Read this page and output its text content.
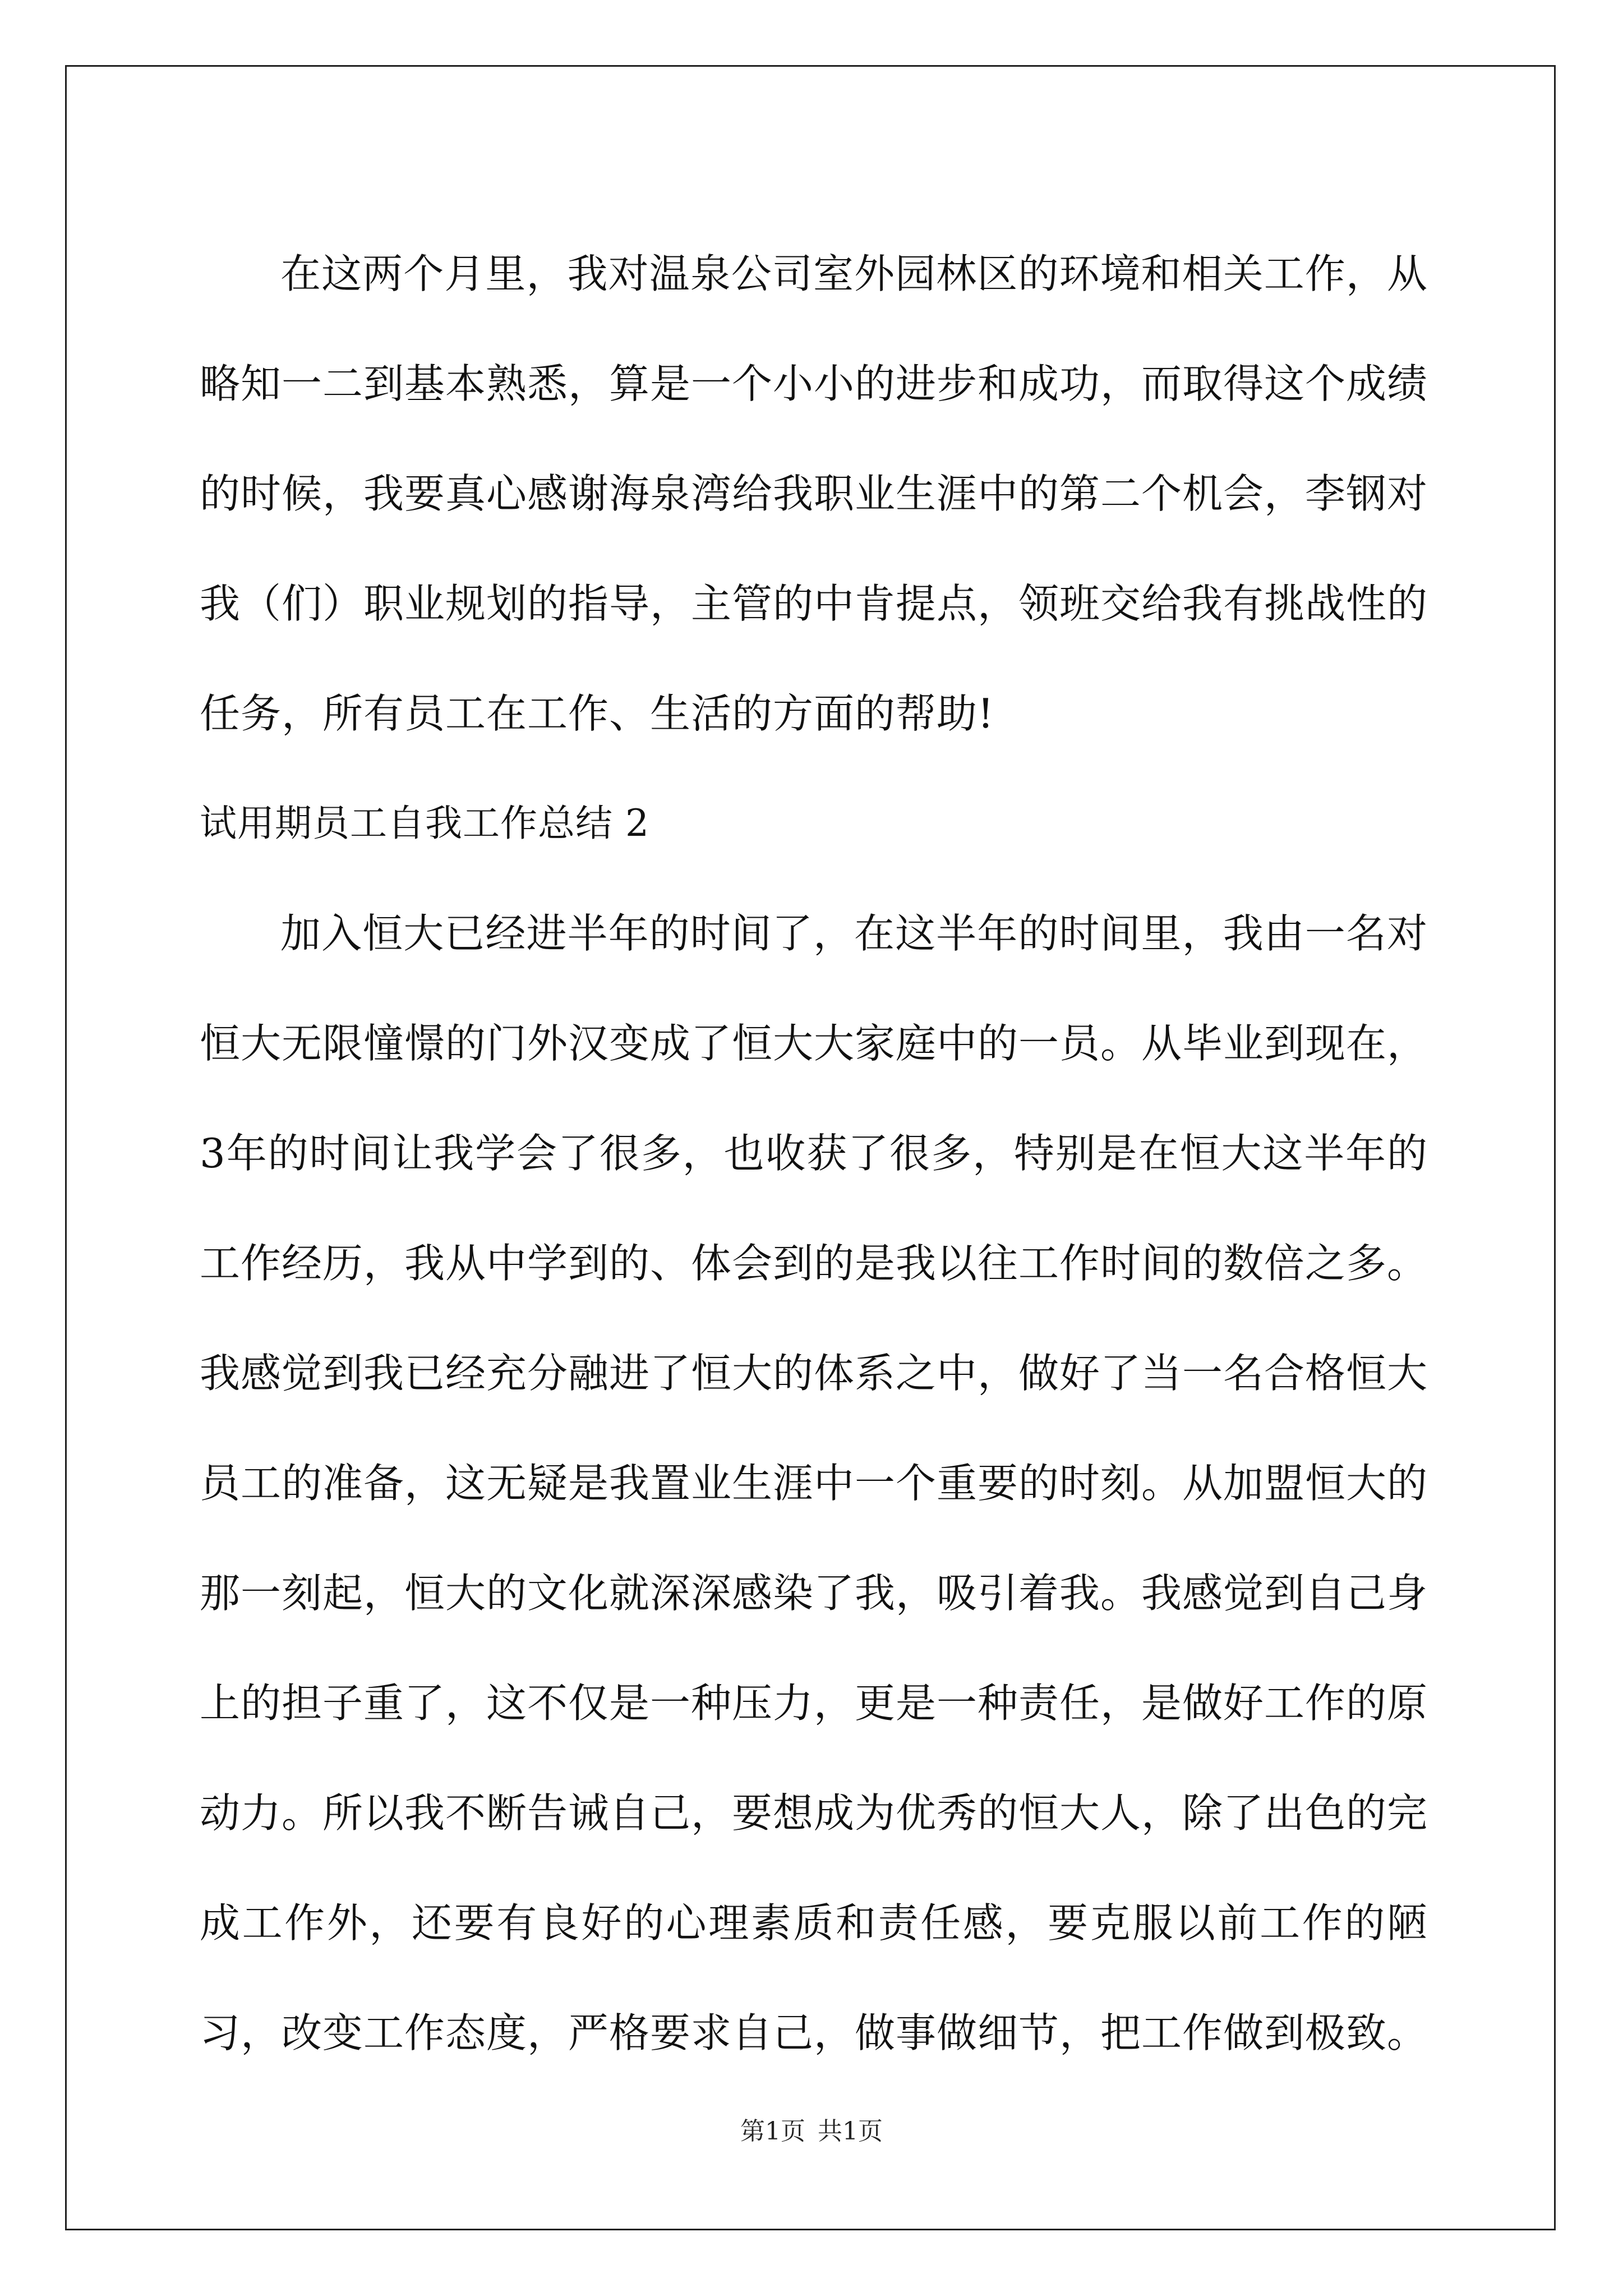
在这两个月里，我对温泉公司室外园林区的环境和相关工作，从略知一二到基本熟悉，算是一个小小的进步和成功，而取得这个成绩的时候，我要真心感谢海泉湾给我职业生涯中的第二个机会，李钢对我（们）职业规划的指导，主管的中肯提点，领班交给我有挑战性的任务，所有员工在工作、生活的方面的帮助!

试用期员工自我工作总结 2

加入恒大已经进半年的时间了，在这半年的时间里，我由一名对恒大无限憧憬的门外汉变成了恒大大家庭中的一员。从毕业到现在，3年的时间让我学会了很多，也收获了很多，特别是在恒大这半年的工作经历，我从中学到的、体会到的是我以往工作时间的数倍之多。我感觉到我已经充分融进了恒大的体系之中，做好了当一名合格恒大员工的准备，这无疑是我置业生涯中一个重要的时刻。从加盟恒大的那一刻起，恒大的文化就深深感染了我，吸引着我。我感觉到自己身上的担子重了，这不仅是一种压力，更是一种责任，是做好工作的原动力。所以我不断告诫自己，要想成为优秀的恒大人，除了出色的完成工作外，还要有良好的心理素质和责任感，要克服以前工作的陋习，改变工作态度，严格要求自己，做事做细节，把工作做到极致。

第1页 共1页
